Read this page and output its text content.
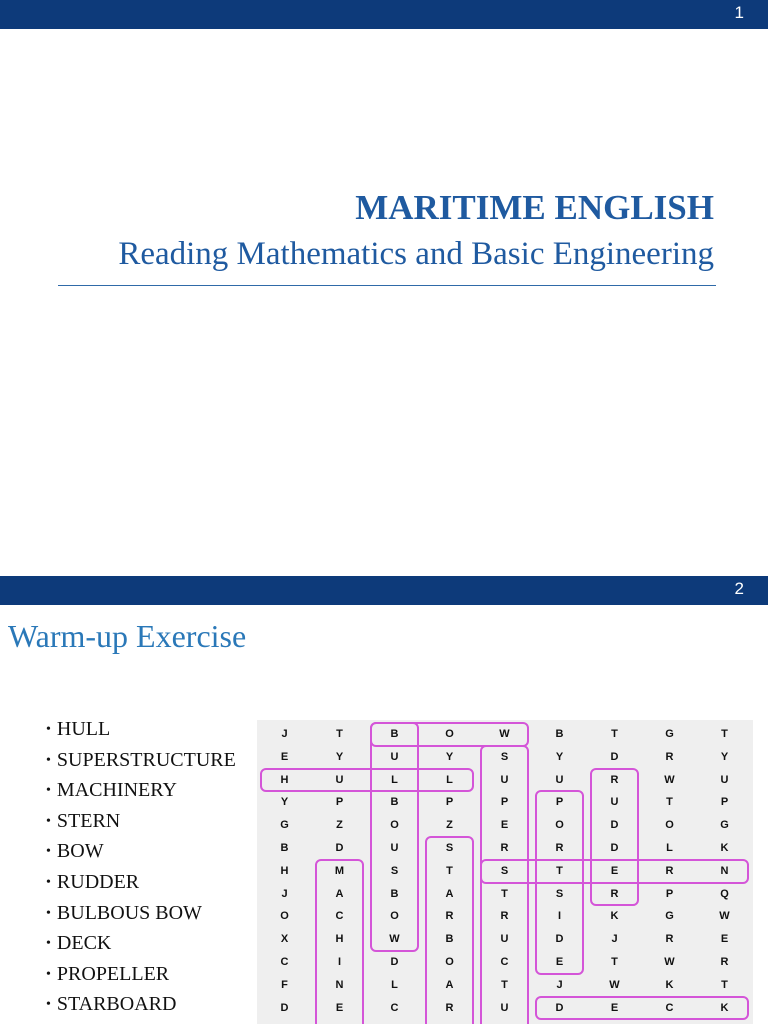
1
MARITIME ENGLISH
Reading Mathematics and Basic Engineering
2
Warm-up Exercise
• HULL
• SUPERSTRUCTURE
• MACHINERY
• STERN
• BOW
• RUDDER
• BULBOUS BOW
• DECK
• PROPELLER
• STARBOARD
J	T	B	O	W	B	T	G	T
E	Y	U	Y	S	Y	D	R	Y
H	U	L	L	U	U	R	W	U
Y	P	B	P	P	P	U	T	P
G	Z	O	Z	E	O	D	O	G
B	D	U	S	R	R	D	L	K
H	M	S	T	S	T	E	R	N
J	A	B	A	T	S	R	P	Q
O	C	O	R	R	I	K	G	W
X	H	W	B	U	D	J	R	E
C	I	D	O	C	E	T	W	R
F	N	L	A	T	J	W	K	T
D	E	C	R	U	D	E	C	K
